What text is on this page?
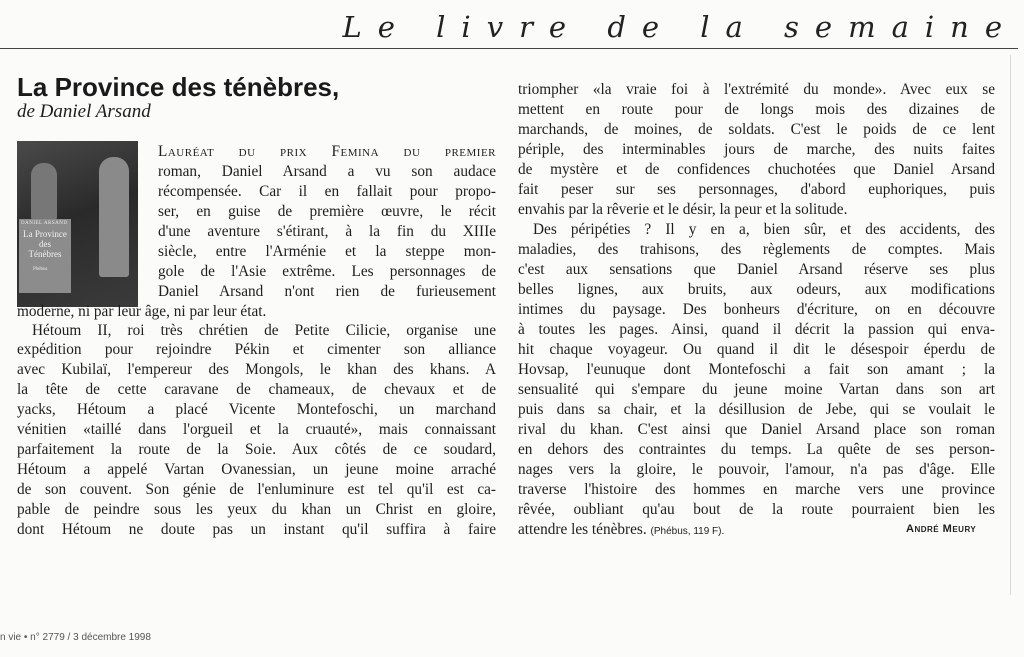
Le livre de la semaine
La Province des ténèbres,
de Daniel Arsand
DANIEL ARSAND
La Province des Ténèbres
Phébus
Lauréat du prix Femina du premier
roman, Daniel Arsand a vu son audace
récompensée. Car il en fallait pour propo-
ser, en guise de première œuvre, le récit
d'une aventure s'étirant, à la fin du XIIIe
siècle, entre l'Arménie et la steppe mon-
gole de l'Asie extrême. Les personnages de
Daniel Arsand n'ont rien de furieusement
moderne, ni par leur âge, ni par leur état.
Hétoum II, roi très chrétien de Petite Cilicie, organise une
expédition pour rejoindre Pékin et cimenter son alliance
avec Kubilaï, l'empereur des Mongols, le khan des khans. A
la tête de cette caravane de chameaux, de chevaux et de
yacks, Hétoum a placé Vicente Montefoschi, un marchand
vénitien «taillé dans l'orgueil et la cruauté», mais connaissant
parfaitement la route de la Soie. Aux côtés de ce soudard,
Hétoum a appelé Vartan Ovanessian, un jeune moine arraché
de son couvent. Son génie de l'enluminure est tel qu'il est ca-
pable de peindre sous les yeux du khan un Christ en gloire,
dont Hétoum ne doute pas un instant qu'il suffira à faire
triompher «la vraie foi à l'extrémité du monde». Avec eux se
mettent en route pour de longs mois des dizaines de
marchands, de moines, de soldats. C'est le poids de ce lent
périple, des interminables jours de marche, des nuits faites
de mystère et de confidences chuchotées que Daniel Arsand
fait peser sur ses personnages, d'abord euphoriques, puis
envahis par la rêverie et le désir, la peur et la solitude.
Des péripéties ? Il y en a, bien sûr, et des accidents, des
maladies, des trahisons, des règlements de comptes. Mais
c'est aux sensations que Daniel Arsand réserve ses plus
belles lignes, aux bruits, aux odeurs, aux modifications
intimes du paysage. Des bonheurs d'écriture, on en découvre
à toutes les pages. Ainsi, quand il décrit la passion qui enva-
hit chaque voyageur. Ou quand il dit le désespoir éperdu de
Hovsap, l'eunuque dont Montefoschi a fait son amant ; la
sensualité qui s'empare du jeune moine Vartan dans son art
puis dans sa chair, et la désillusion de Jebe, qui se voulait le
rival du khan. C'est ainsi que Daniel Arsand place son roman
en dehors des contraintes du temps. La quête de ses person-
nages vers la gloire, le pouvoir, l'amour, n'a pas d'âge. Elle
traverse l'histoire des hommes en marche vers une province
rêvée, oubliant qu'au bout de la route pourraient bien les
attendre les ténèbres. (Phébus, 119 F).	André Meury
n vie • n° 2779 / 3 décembre 1998
